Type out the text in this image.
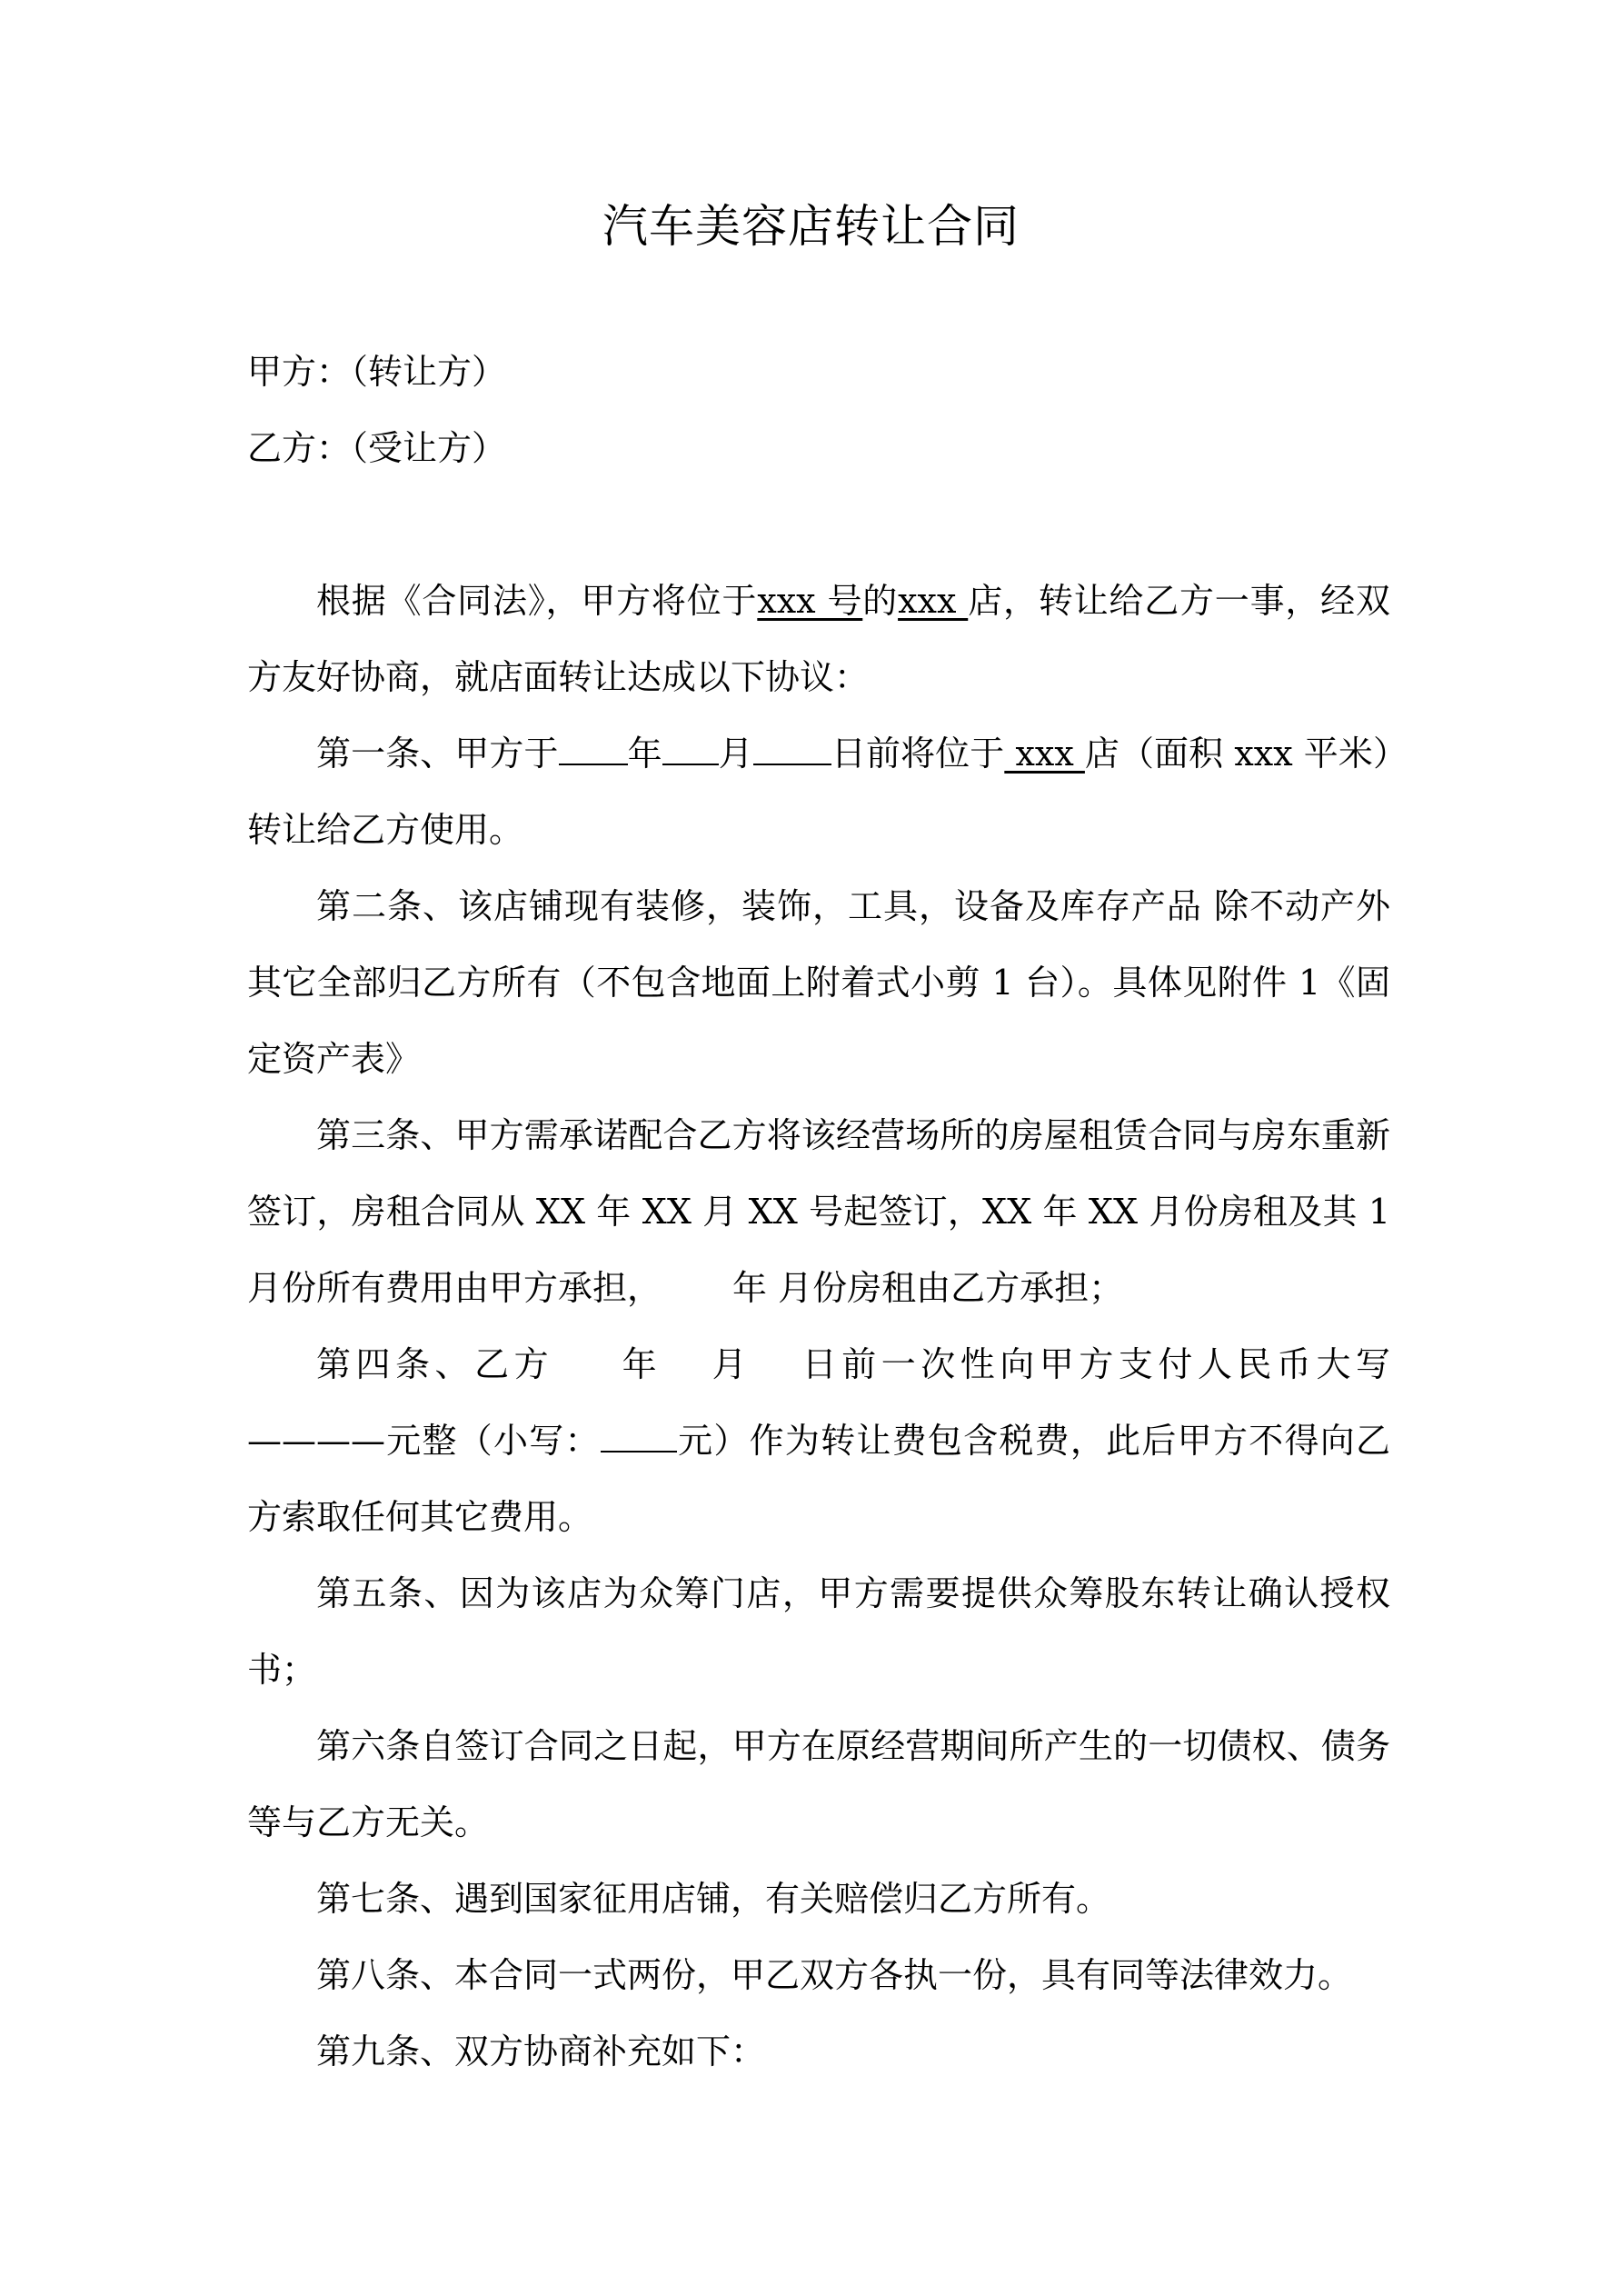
汽车美容店转让合同

甲方：（转让方）

乙方：（受让方）

根据《合同法》，甲方将位于xxx 号的xxx 店，转让给乙方一事，经双方友好协商，就店面转让达成以下协议：

第一条、甲方于 年 月 日前将位于 xxx 店（面积 xxx 平米）转让给乙方使用。

第二条、该店铺现有装修，装饰，工具，设备及库存产品 除不动产外其它全部归乙方所有（不包含地面上附着式小剪 1 台）。具体见附件 1《固定资产表》

第三条、甲方需承诺配合乙方将该经营场所的房屋租赁合同与房东重新签订，房租合同从 XX 年 XX 月 XX 号起签订，XX 年 XX 月份房租及其 1 月份所有费用由甲方承担， 年 月份房租由乙方承担；

第四条、乙方 年 月 日前一次性向甲方支付人民币大写————元整（小写： 元）作为转让费包含税费，此后甲方不得向乙方索取任何其它费用。

第五条、因为该店为众筹门店，甲方需要提供众筹股东转让确认授权书；

第六条自签订合同之日起，甲方在原经营期间所产生的一切债权、债务等与乙方无关。

第七条、遇到国家征用店铺，有关赔偿归乙方所有。

第八条、本合同一式两份，甲乙双方各执一份，具有同等法律效力。

第九条、双方协商补充如下：
